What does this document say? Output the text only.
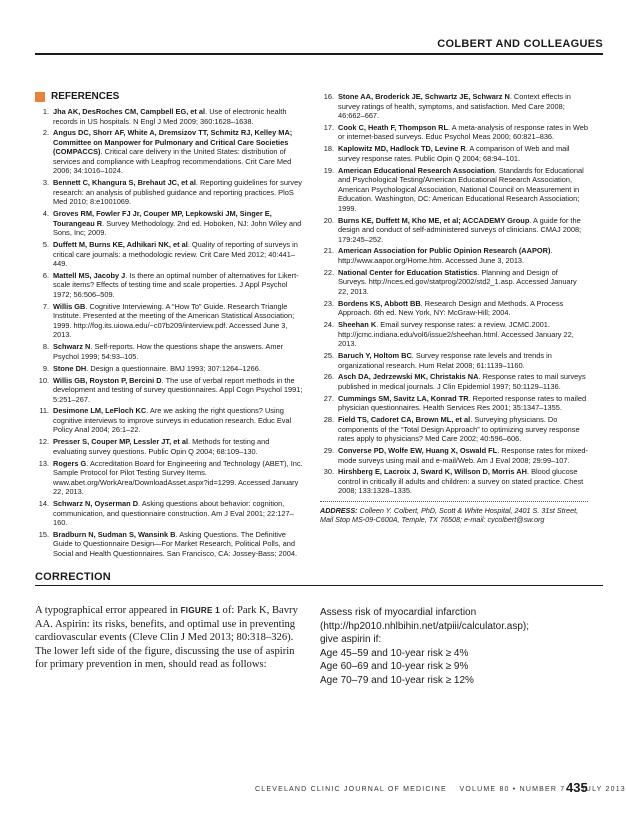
COLBERT AND COLLEAGUES
REFERENCES
1. Jha AK, DesRoches CM, Campbell EG, et al. Use of electronic health records in US hospitals. N Engl J Med 2009; 360:1628–1638.
2. Angus DC, Shorr AF, White A, Dremsizov TT, Schmitz RJ, Kelley MA; Committee on Manpower for Pulmonary and Critical Care Societies (COMPACCS). Critical care delivery in the United States: distribution of services and compliance with Leapfrog recommendations. Crit Care Med 2006; 34:1016–1024.
3. Bennett C, Khangura S, Brehaut JC, et al. Reporting guidelines for survey research: an analysis of published guidance and reporting practices. PloS Med 2010; 8:e1001069.
4. Groves RM, Fowler FJ Jr, Couper MP, Lepkowski JM, Singer E, Tourangeau R. Survey Methodology. 2nd ed. Hoboken, NJ: John Wiley and Sons, Inc; 2009.
5. Duffett M, Burns KE, Adhikari NK, et al. Quality of reporting of surveys in critical care journals: a methodologic review. Crit Care Med 2012; 40:441–449.
6. Mattell MS, Jacoby J. Is there an optimal number of alternatives for Likert-scale items? Effects of testing time and scale properties. J Appl Psychol 1972; 56:506–509.
7. Willis GB. Cognitive Interviewing. A “How To” Guide. Research Triangle Institute. Presented at the meeting of the American Statistical Association; 1999. http://fog.its.uiowa.edu/~c07b209/interview.pdf. Accessed June 3, 2013.
8. Schwarz N. Self-reports. How the questions shape the answers. Amer Psychol 1999; 54:93–105.
9. Stone DH. Design a questionnaire. BMJ 1993; 307:1264–1266.
10. Willis GB, Royston P, Bercini D. The use of verbal report methods in the development and testing of survey questionnaires. Appl Cogn Psychol 1991; 5:251–267.
11. Desimone LM, LeFloch KC. Are we asking the right questions? Using cognitive interviews to improve surveys in education research. Educ Eval Policy Anal 2004; 26:1–22.
12. Presser S, Couper MP, Lessler JT, et al. Methods for testing and evaluating survey questions. Public Opin Q 2004; 68:109–130.
13. Rogers G. Accreditation Board for Engineering and Technology (ABET), Inc. Sample Protocol for Pilot Testing Survey Items. www.abet.org/WorkArea/DownloadAsset.aspx?id=1299. Accessed January 22, 2013.
14. Schwarz N, Oyserman D. Asking questions about behavior: cognition, communication, and questionnaire construction. Am J Eval 2001; 22:127–160.
15. Bradburn N, Sudman S, Wansink B. Asking Questions. The Definitive Guide to Questionnaire Design—For Market Research, Political Polls, and Social and Health Questionnaires. San Francisco, CA: Jossey-Bass; 2004.
16. Stone AA, Broderick JE, Schwartz JE, Schwarz N. Context effects in survey ratings of health, symptoms, and satisfaction. Med Care 2008; 46:662–667.
17. Cook C, Heath F, Thompson RL. A meta-analysis of response rates in Web or internet-based surveys. Educ Psychol Meas 2000; 60:821–836.
18. Kaplowitz MD, Hadlock TD, Levine R. A comparison of Web and mail survey response rates. Public Opin Q 2004; 68:94–101.
19. American Educational Research Association. Standards for Educational and Psychological Testing/American Educational Research Association, American Psychological Association, National Council on Measurement in Education. Washington, DC: American Educational Research Association; 1999.
20. Burns KE, Duffett M, Kho ME, et al; ACCADEMY Group. A guide for the design and conduct of self-administered surveys of clinicians. CMAJ 2008; 179:245–252.
21. American Association for Public Opinion Research (AAPOR). http://www.aapor.org/Home.htm. Accessed June 3, 2013.
22. National Center for Education Statistics. Planning and Design of Surveys. http://nces.ed.gov/statprog/2002/std2_1.asp. Accessed January 22, 2013.
23. Bordens KS, Abbott BB. Research Design and Methods. A Process Approach. 6th ed. New York, NY: McGraw-Hill; 2004.
24. Sheehan K. Email survey response rates: a review. JCMC.2001. http://jcmc.indiana.edu/vol6/issue2/sheehan.html. Accessed January 22, 2013.
25. Baruch Y, Holtom BC. Survey response rate levels and trends in organizational research. Hum Relat 2008; 61:1139–1160.
26. Asch DA, Jedrzewski MK, Christakis NA. Response rates to mail surveys published in medical journals. J Clin Epidemiol 1997; 50:1129–1136.
27. Cummings SM, Savitz LA, Konrad TR. Reported response rates to mailed physician questionnaires. Health Services Res 2001; 35:1347–1355.
28. Field TS, Cadoret CA, Brown ML, et al. Surveying physicians. Do components of the “Total Design Approach” to optimizing survey response rates apply to physicians? Med Care 2002; 40:596–606.
29. Converse PD, Wolfe EW, Huang X, Oswald FL. Response rates for mixed-mode surveys using mail and e-mail/Web. Am J Eval 2008; 29:99–107.
30. Hirshberg E, Lacroix J, Sward K, Willson D, Morris AH. Blood glucose control in critically ill adults and children: a survey on stated practice. Chest 2008; 133:1328–1335.
ADDRESS: Colleen Y. Colbert, PhD, Scott & White Hospital, 2401 S. 31st Street, Mail Stop MS-09-C600A, Temple, TX 76508; e-mail: cycolbert@sw.org
CORRECTION
A typographical error appeared in FIGURE 1 of: Park K, Bavry AA. Aspirin: its risks, benefits, and optimal use in preventing cardiovascular events (Cleve Clin J Med 2013; 80:318–326). The lower left side of the figure, discussing the use of aspirin for primary prevention in men, should read as follows:
Assess risk of myocardial infarction
(http://hp2010.nhlbihin.net/atpiii/calculator.asp);
give aspirin if:
Age 45–59 and 10-year risk ≥ 4%
Age 60–69 and 10-year risk ≥ 9%
Age 70–79 and 10-year risk ≥ 12%
CLEVELAND CLINIC JOURNAL OF MEDICINE VOLUME 80 • NUMBER 7 JULY 2013
435
